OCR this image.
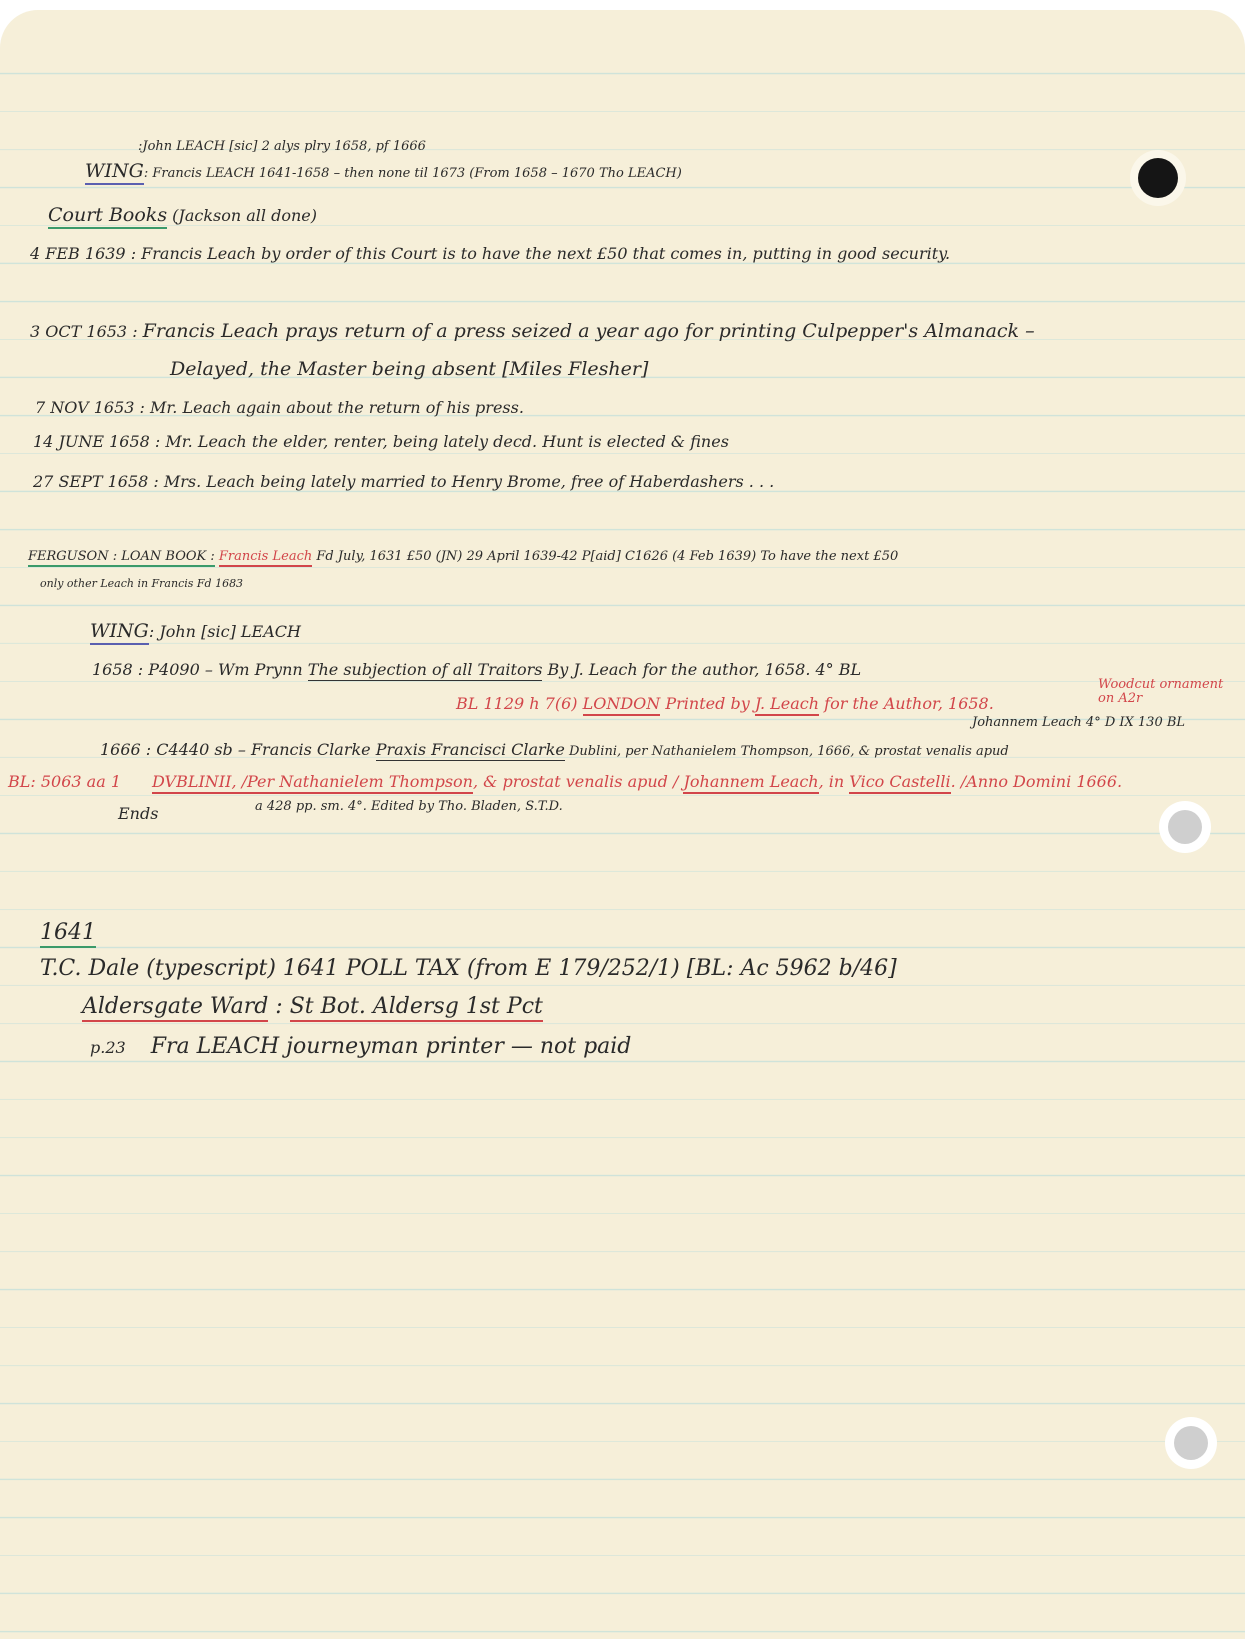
:John LEACH [sic] 2 alys plry 1658, pf 1666
WING: Francis LEACH 1641-1658 – then none til 1673 (From 1658 – 1670 Tho LEACH)
Court Books (Jackson all done)
4 FEB 1639 : Francis Leach by order of this Court is to have the next £50 that comes in, putting in good security.
3 OCT 1653 : Francis Leach prays return of a press seized a year ago for printing Culpepper's Almanack –
Delayed, the Master being absent [Miles Flesher]
7 NOV 1653 : Mr. Leach again about the return of his press.
14 JUNE 1658 : Mr. Leach the elder, renter, being lately decd. Hunt is elected & fines
27 SEPT 1658 : Mrs. Leach being lately married to Henry Brome, free of Haberdashers . . .
FERGUSON : LOAN BOOK : Francis Leach Fd July, 1631 £50 (JN) 29 April 1639-42 P[aid] C1626 (4 Feb 1639) To have the next £50
only other Leach in Francis Fd 1683
WING: John [sic] LEACH
1658 : P4090 – Wm Prynn The subjection of all Traitors By J. Leach for the author, 1658. 4° BL
Woodcut ornament on A2r
BL 1129 h 7(6) LONDON Printed by J. Leach for the Author, 1658.
Johannem Leach 4° D IX 130 BL
1666 : C4440 sb – Francis Clarke Praxis Francisci Clarke Dublini, per Nathanielem Thompson, 1666, & prostat venalis apud
BL: 5063 aa 1 DVBLINII, /Per Nathanielem Thompson, & prostat venalis apud / Johannem Leach, in Vico Castelli. /Anno Domini 1666.
Ends	a 428 pp. sm. 4°. Edited by Tho. Bladen, S.T.D.
1641
T.C. Dale (typescript) 1641 POLL TAX (from E 179/252/1) [BL: Ac 5962 b/46]
Aldersgate Ward : St Bot. Aldersg 1st Pct
p.23 Fra LEACH journeyman printer — not paid
